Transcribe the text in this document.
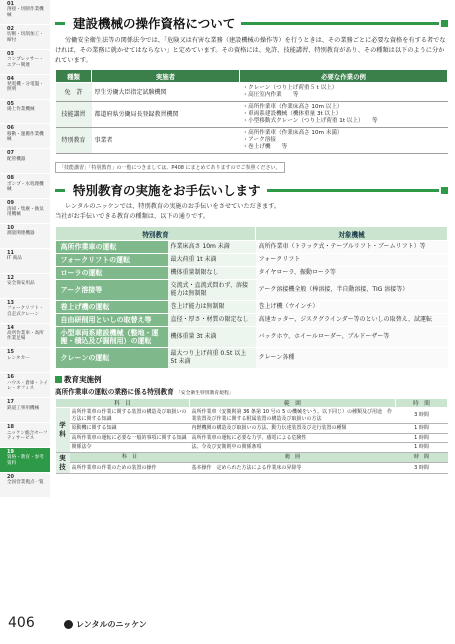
01
溶接・切断作業機械
02
切断・切削加工・締付
03
コンプレッサー・エアー関連
04
発電機・分電盤・照明
05
揚上作業機械
06
移動・運搬作業機械
07
配管機器
08
ポンプ・水処理機械
09
清掃・集塵・換気用機械
10
測量関連機器
11
IT 商品
12
安全保安用品
13
フォークリフト・自走式クレーン
14
高所作業車・高所作業足場
15
レンタカー
16
ハウス・倉庫・トイレ・オフィス
17
鉄道工事用機械
18
ニッケン総合セーフティサービス
19
資格・教育・参考資料
20
全国営業拠点一覧
建設機械の操作資格について

労働安全衛生法等の関係法令では、「危険又は有害な業務（建設機械の操作等）を行うときは、その業務ごとに必要な資格を有する者でなければ、その業務に就かせてはならない」と定めています。その資格には、免許、技能講習、特別教育があり、その種類は以下のように分かれています。

種類	実施者	必要な作業の例
免　許	厚生労働大臣指定試験機関	・クレーン（つり上げ荷重５ｔ以上）
・高圧室内作業　　等

技能講習	都道府県労働局長登録教習機関	・高所作業車（作業床高さ 10m 以上）
・車両系建設機械（機体重量 3t 以上）
・小型移動式クレーン（つり上げ荷重 1t 以上）　　等

特別教育	事業者	・高所作業車（作業床高さ 10m 未満）
・アーク溶接
・巻上げ機　　等
「技能講習」「特別教育」の一覧につきましては、P408 にまとめてありますのでご参照ください。
特別教育の実施をお手伝いします

レンタルのニッケンでは、特別教育の実施のお手伝いをさせていただきます。

当社がお手伝いできる教育の種類は、以下の通りです。

特別教育		対象機械
高所作業車の運転	作業床高さ 10m 未満	高所作業車（トラック式・テーブルリフト・ブームリフト）等
フォークリフトの運転	最大荷重 1t 未満	フォークリフト
ローラの運転	機体重量制限なし	タイヤローラ、振動ローラ等
アーク溶接等	交流式・直流式問わず、溶接能力は無制限	アーク溶接機全般（棒溶接、半自動溶接、TIG 溶接等）
巻上げ機の運転	巻上げ能力は無制限	巻上げ機（ウインチ）
自由研削用といしの取替え等	直径・厚さ・材質の限定なし	高速カッター、ジスクグラインダー等のといしの取替え、試運転
小型車両系建設機械（整地・運搬・積込及び掘削用）の運転	機体重量 3t 未満	バックホウ、ホイールローダー、ブルドーザー等
クレーンの運転	最大つり上げ荷重 0.5t 以上 5t 未満	クレーン各種
教育実施例
高所作業車の運転の業務に係る特別教育 「安全衛生特別教育規程」
科　目		範　囲	時　間
学科	高所作業車の作業に関する装置の構造及び取扱いの方法に関する知識	高所作業車（安衛則第 36 条第 10 号の 5 の機械をいう。以下同じ）の種類及び用途　作業装置及び作業に関する附属装置の構造及び取扱いの方法	3 時間
	原動機に関する知識	内燃機関の構造及び取扱いの方法、動力伝達装置及び走行装置の種類	1 時間
	高所作業車の運転に必要な一般的事項に関する知識	高所作業車の運転に必要な力学、感電による危険性	1 時間
	関係法令	法、令及び安衛則中の関係条項	1 時間
実技	科　目	範　囲	時　間
	高所作業車の作業のための装置の操作	基本操作　定められた方法による作業床の昇降等	3 時間
406	レンタルのニッケン
